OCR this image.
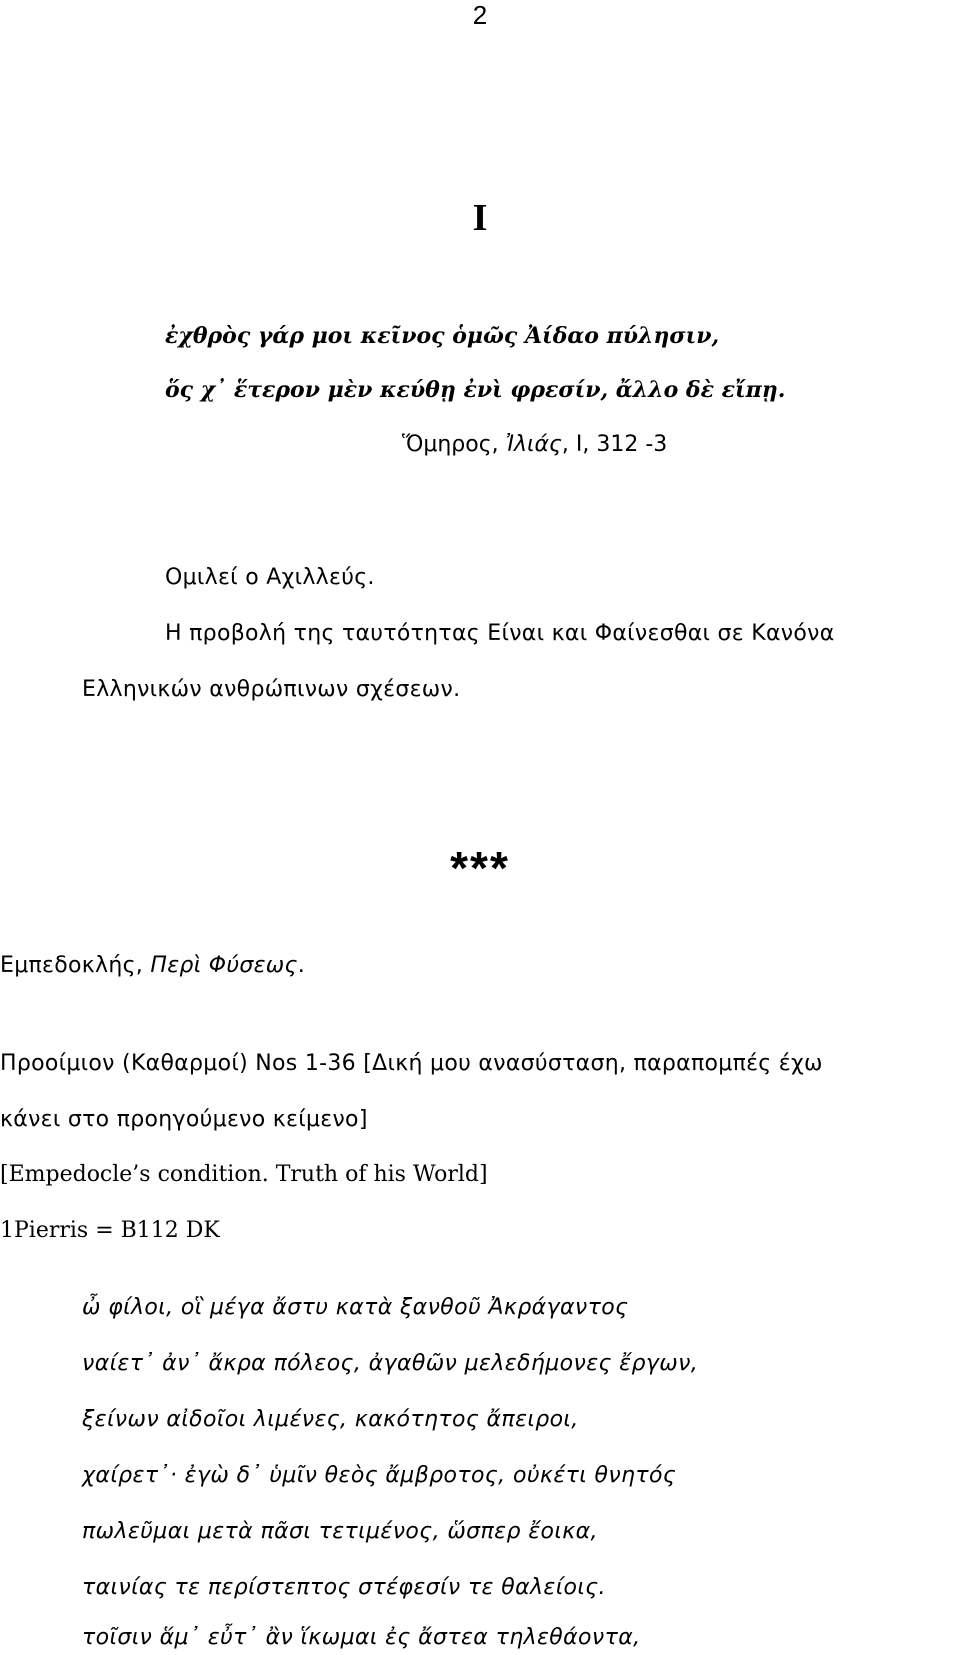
2
I
ἐχθρὸς γάρ μοι κεῖνος ὁμῶς Ἀίδαο πύλησιν,
ὅς χ᾽ ἕτερον μὲν κεύθῃ ἐνὶ φρεσίν, ἄλλο δὲ εἴπῃ.
Ὅμηρος, Ἰλιάς, Ι, 312 -3
Ομιλεί ο Αχιλλεύς.
Η προβολή της ταυτότητας Είναι και Φαίνεσθαι σε Κανόνα
Ελληνικών ανθρώπινων σχέσεων.
***
Εμπεδοκλής, Περὶ Φύσεως.
Προοίμιον (Καθαρμοί) Nos 1-36 [Δική μου ανασύσταση, παραπομπές έχω
κάνει στο προηγούμενο κείμενο]
[Empedocle’s condition. Truth of his World]
1Pierris = B112 DK
ὦ φίλοι, οἳ μέγα ἄστυ κατὰ ξανθοῦ Ἀκράγαντος
ναίετ᾽ ἀν᾽ ἄκρα πόλεος, ἀγαθῶν μελεδήμονες ἔργων,
ξείνων αἰδοῖοι λιμένες, κακότητος ἄπειροι,
χαίρετ᾽· ἐγὼ δ᾽ ὑμῖν θεὸς ἄμβροτος, οὐκέτι θνητός
πωλεῦμαι μετὰ πᾶσι τετιμένος, ὥσπερ ἔοικα,
ταινίας τε περίστεπτος στέφεσίν τε θαλείοις.
τοῖσιν ἅμ᾽ εὖτ᾽ ἂν ἵκωμαι ἐς ἄστεα τηλεθάοντα,
